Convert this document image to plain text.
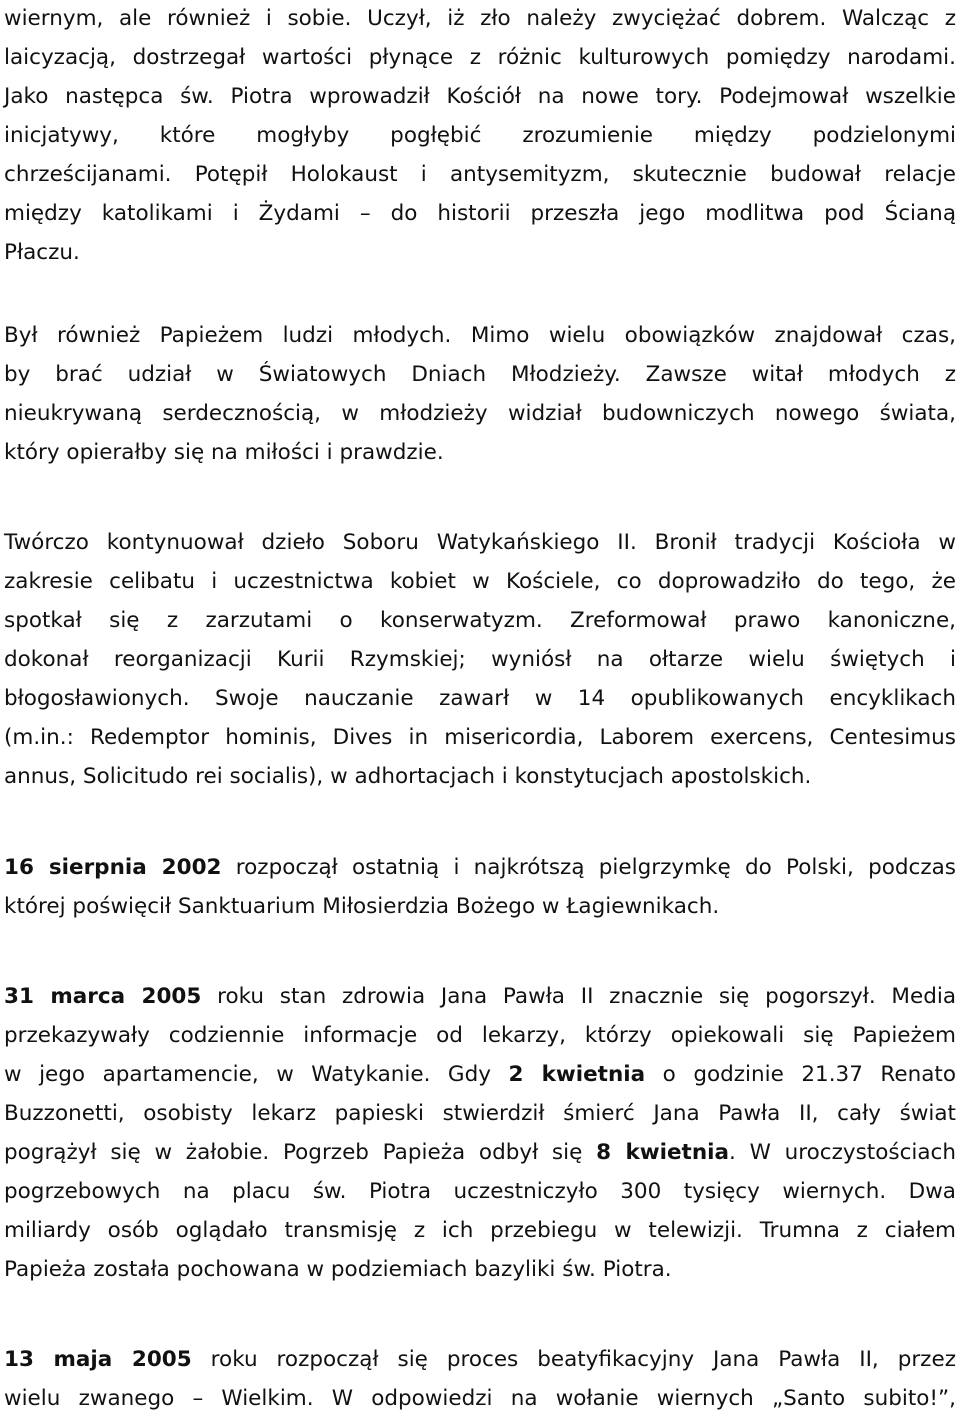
wiernym, ale również i sobie. Uczył, iż zło należy zwyciężać dobrem. Walcząc z
laicyzacją, dostrzegał wartości płynące z różnic kulturowych pomiędzy narodami.
Jako następca św. Piotra wprowadził Kościół na nowe tory. Podejmował wszelkie
inicjatywy, które mogłyby pogłębić zrozumienie między podzielonymi
chrześcijanami. Potępił Holokaust i antysemityzm, skutecznie budował relacje
między katolikami i Żydami – do historii przeszła jego modlitwa pod Ścianą
Płaczu.
Był również Papieżem ludzi młodych. Mimo wielu obowiązków znajdował czas,
by brać udział w Światowych Dniach Młodzieży. Zawsze witał młodych z
nieukrywaną serdecznością, w młodzieży widział budowniczych nowego świata,
który opierałby się na miłości i prawdzie.
Twórczo kontynuował dzieło Soboru Watykańskiego II. Bronił tradycji Kościoła w
zakresie celibatu i uczestnictwa kobiet w Kościele, co doprowadziło do tego, że
spotkał się z zarzutami o konserwatyzm. Zreformował prawo kanoniczne,
dokonał reorganizacji Kurii Rzymskiej; wyniósł na ołtarze wielu świętych i
błogosławionych. Swoje nauczanie zawarł w 14 opublikowanych encyklikach
(m.in.: Redemptor hominis, Dives in misericordia, Laborem exercens, Centesimus
annus, Solicitudo rei socialis), w adhortacjach i konstytucjach apostolskich.
16 sierpnia 2002 rozpoczął ostatnią i najkrótszą pielgrzymkę do Polski, podczas
której poświęcił Sanktuarium Miłosierdzia Bożego w Łagiewnikach.
31 marca 2005 roku stan zdrowia Jana Pawła II znacznie się pogorszył. Media
przekazywały codziennie informacje od lekarzy, którzy opiekowali się Papieżem
w jego apartamencie, w Watykanie. Gdy 2 kwietnia o godzinie 21.37 Renato
Buzzonetti, osobisty lekarz papieski stwierdził śmierć Jana Pawła II, cały świat
pogrążył się w żałobie. Pogrzeb Papieża odbył się 8 kwietnia. W uroczystościach
pogrzebowych na placu św. Piotra uczestniczyło 300 tysięcy wiernych. Dwa
miliardy osób oglądało transmisję z ich przebiegu w telewizji. Trumna z ciałem
Papieża została pochowana w podziemiach bazyliki św. Piotra.
13 maja 2005 roku rozpoczął się proces beatyfikacyjny Jana Pawła II, przez
wielu zwanego – Wielkim. W odpowiedzi na wołanie wiernych „Santo subito!”,
